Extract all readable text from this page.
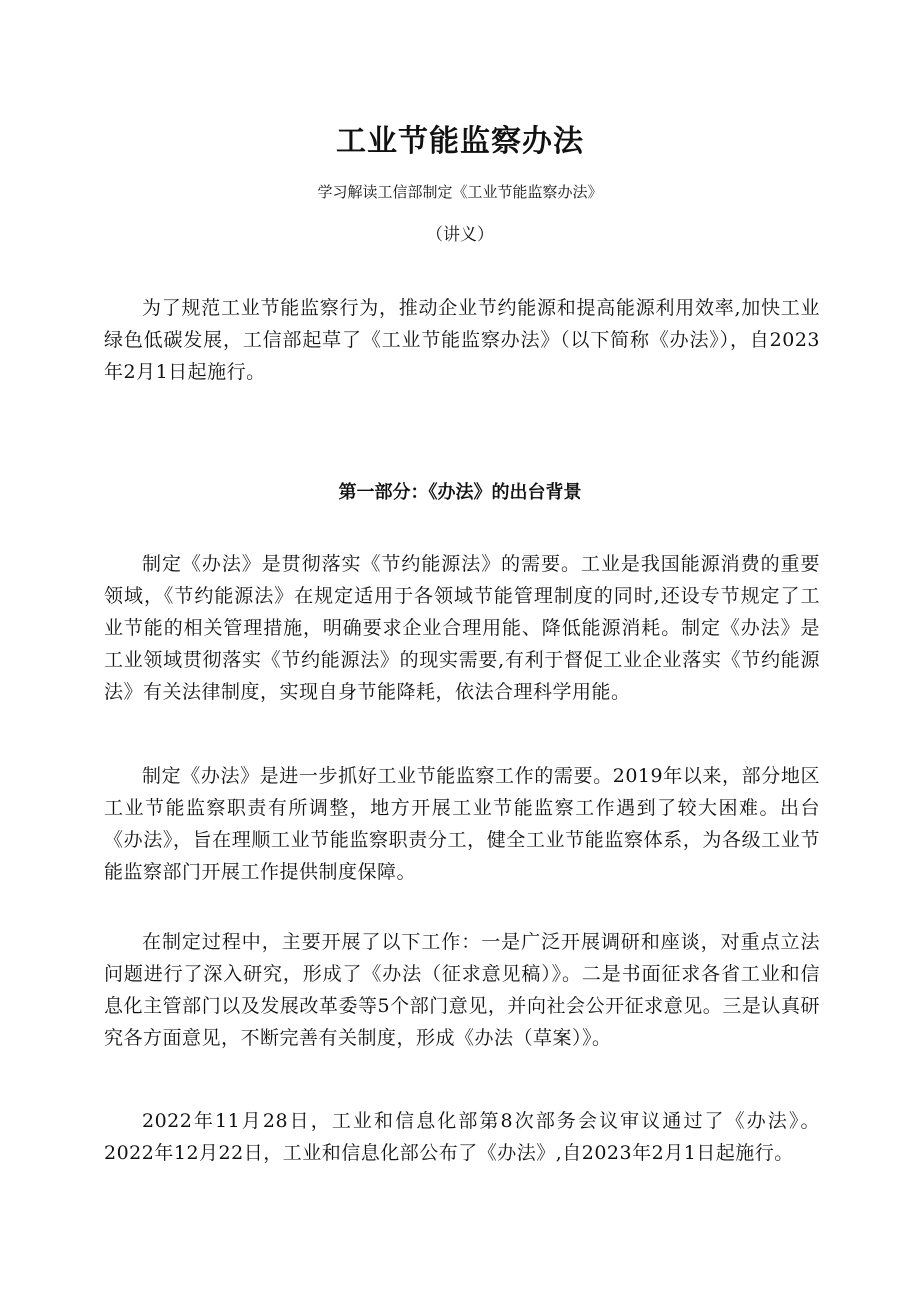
工业节能监察办法
学习解读工信部制定《工业节能监察办法》
（讲义）

为了规范工业节能监察行为，推动企业节约能源和提高能源利用效率,加快工业绿色低碳发展，工信部起草了《工业节能监察办法》（以下简称《办法》），自2023年2月1日起施行。

第一部分：《办法》的出台背景

制定《办法》是贯彻落实《节约能源法》的需要。工业是我国能源消费的重要领域，《节约能源法》在规定适用于各领域节能管理制度的同时,还设专节规定了工业节能的相关管理措施，明确要求企业合理用能、降低能源消耗。制定《办法》是工业领域贯彻落实《节约能源法》的现实需要,有利于督促工业企业落实《节约能源法》有关法律制度，实现自身节能降耗，依法合理科学用能。

制定《办法》是进一步抓好工业节能监察工作的需要。2019年以来，部分地区工业节能监察职责有所调整，地方开展工业节能监察工作遇到了较大困难。出台《办法》，旨在理顺工业节能监察职责分工，健全工业节能监察体系，为各级工业节能监察部门开展工作提供制度保障。

在制定过程中，主要开展了以下工作：一是广泛开展调研和座谈，对重点立法问题进行了深入研究，形成了《办法（征求意见稿）》。二是书面征求各省工业和信息化主管部门以及发展改革委等5个部门意见，并向社会公开征求意见。三是认真研究各方面意见，不断完善有关制度，形成《办法（草案）》。

2022年11月28日，工业和信息化部第8次部务会议审议通过了《办法》。2022年12月22日，工业和信息化部公布了《办法》,自2023年2月1日起施行。
